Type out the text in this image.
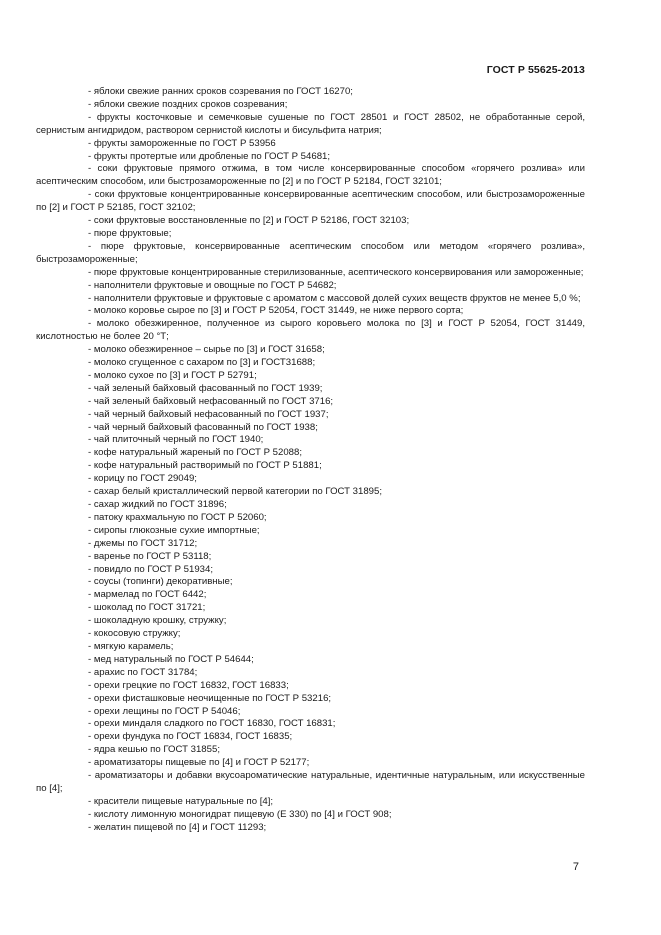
ГОСТ Р 55625-2013
- яблоки свежие ранних сроков созревания по ГОСТ 16270;
- яблоки свежие поздних сроков созревания;
- фрукты косточковые и семечковые сушеные по ГОСТ 28501 и ГОСТ 28502, не обработанные серой, сернистым ангидридом, раствором сернистой кислоты и бисульфита натрия;
- фрукты замороженные по ГОСТ Р 53956
- фрукты протертые или дробленые по ГОСТ Р 54681;
- соки фруктовые прямого отжима, в том числе консервированные способом «горячего розлива» или асептическим способом, или быстрозамороженные по [2] и по ГОСТ Р 52184, ГОСТ 32101;
- соки фруктовые концентрированные консервированные асептическим способом, или быстрозамороженные по [2] и ГОСТ Р 52185, ГОСТ 32102;
- соки фруктовые восстановленные по [2] и ГОСТ Р 52186, ГОСТ 32103;
- пюре фруктовые;
- пюре фруктовые, консервированные асептическим способом или методом «горячего розлива», быстрозамороженные;
- пюре фруктовые концентрированные стерилизованные, асептического консервирования или замороженные;
- наполнители фруктовые и овощные по ГОСТ Р 54682;
- наполнители фруктовые и фруктовые с ароматом с массовой долей сухих веществ фруктов не менее 5,0 %;
- молоко коровье сырое по [3] и ГОСТ Р 52054, ГОСТ 31449, не ниже первого сорта;
- молоко обезжиренное, полученное из сырого коровьего молока по [3] и ГОСТ Р 52054, ГОСТ 31449, кислотностью не более 20 °Т;
- молоко обезжиренное – сырье по [3] и ГОСТ 31658;
- молоко сгущенное с сахаром по [3] и ГОСТ31688;
- молоко сухое по [3] и ГОСТ Р 52791;
- чай зеленый байховый фасованный по ГОСТ 1939;
- чай зеленый байховый нефасованный по ГОСТ 3716;
- чай черный байховый нефасованный по ГОСТ 1937;
- чай черный байховый фасованный по ГОСТ 1938;
- чай плиточный черный по ГОСТ 1940;
- кофе натуральный жареный по ГОСТ Р 52088;
- кофе натуральный растворимый по ГОСТ Р 51881;
- корицу по ГОСТ 29049;
- сахар белый кристаллический первой категории по ГОСТ 31895;
- сахар жидкий по ГОСТ 31896;
- патоку крахмальную по ГОСТ Р 52060;
- сиропы глюкозные сухие импортные;
- джемы по ГОСТ 31712;
- варенье по ГОСТ Р 53118;
- повидло по ГОСТ Р 51934;
- соусы (топинги) декоративные;
- мармелад по ГОСТ 6442;
- шоколад по ГОСТ 31721;
- шоколадную крошку, стружку;
- кокосовую стружку;
- мягкую карамель;
- мед натуральный по ГОСТ Р 54644;
- арахис по ГОСТ 31784;
- орехи грецкие по ГОСТ 16832, ГОСТ 16833;
- орехи фисташковые неочищенные по ГОСТ Р 53216;
- орехи лещины по ГОСТ Р 54046;
- орехи миндаля сладкого по ГОСТ 16830, ГОСТ 16831;
- орехи фундука по ГОСТ 16834, ГОСТ 16835;
- ядра кешью по ГОСТ 31855;
- ароматизаторы пищевые по [4] и ГОСТ Р 52177;
- ароматизаторы и добавки вкусоароматические натуральные, идентичные натуральным, или искусственные по [4];
- красители пищевые натуральные по [4];
- кислоту лимонную моногидрат пищевую (Е 330) по [4] и ГОСТ 908;
- желатин пищевой по [4] и ГОСТ 11293;
7
